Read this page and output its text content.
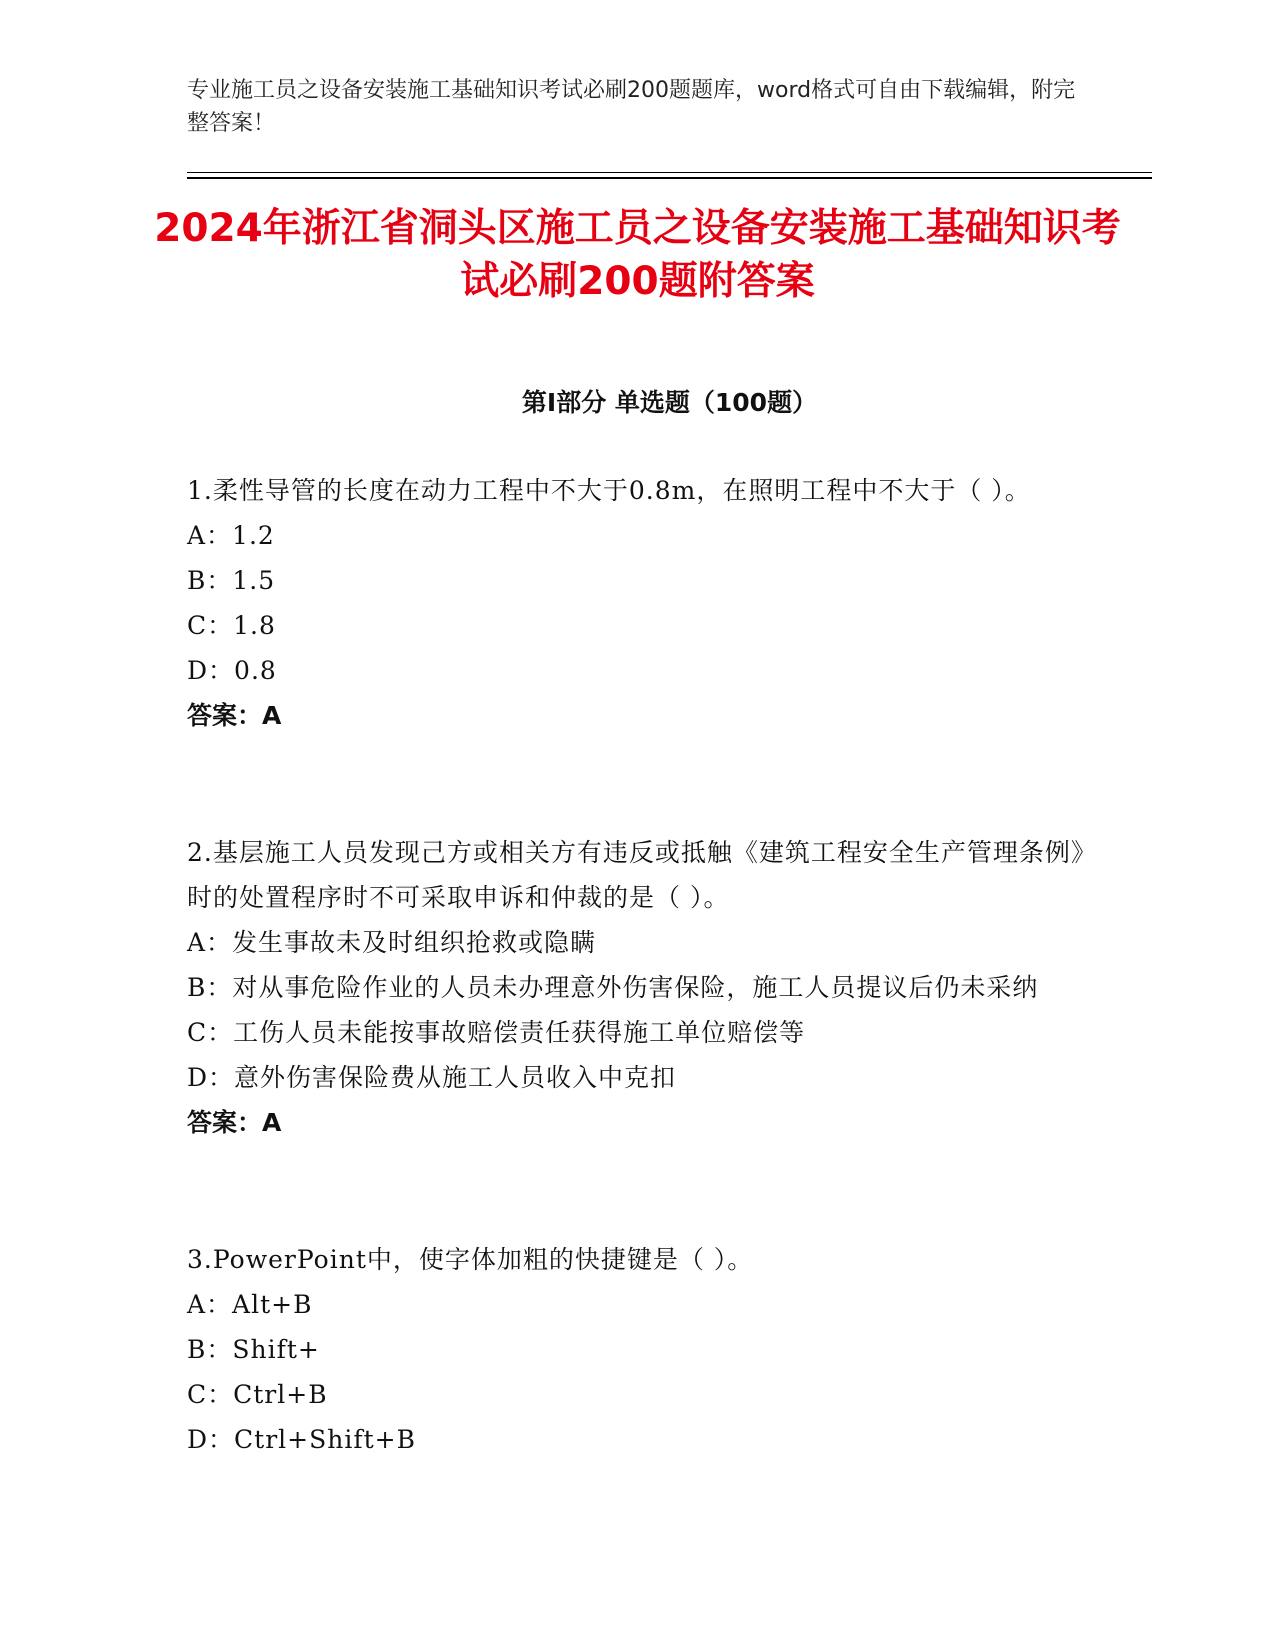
专业施工员之设备安装施工基础知识考试必刷200题题库，word格式可自由下载编辑，附完整答案！
2024年浙江省洞头区施工员之设备安装施工基础知识考试必刷200题附答案
第Ⅰ部分 单选题（100题）

1.柔性导管的长度在动力工程中不大于0.8m，在照明工程中不大于（ ）。

A：1.2

B：1.5

C：1.8

D：0.8

答案：A

2.基层施工人员发现己方或相关方有违反或抵触《建筑工程安全生产管理条例》时的处置程序时不可采取申诉和仲裁的是（ ）。

A：发生事故未及时组织抢救或隐瞒

B：对从事危险作业的人员未办理意外伤害保险，施工人员提议后仍未采纳

C：工伤人员未能按事故赔偿责任获得施工单位赔偿等

D：意外伤害保险费从施工人员收入中克扣

答案：A

3.PowerPoint中，使字体加粗的快捷键是（ ）。

A：Alt+B

B：Shift+

C：Ctrl+B

D：Ctrl+Shift+B
